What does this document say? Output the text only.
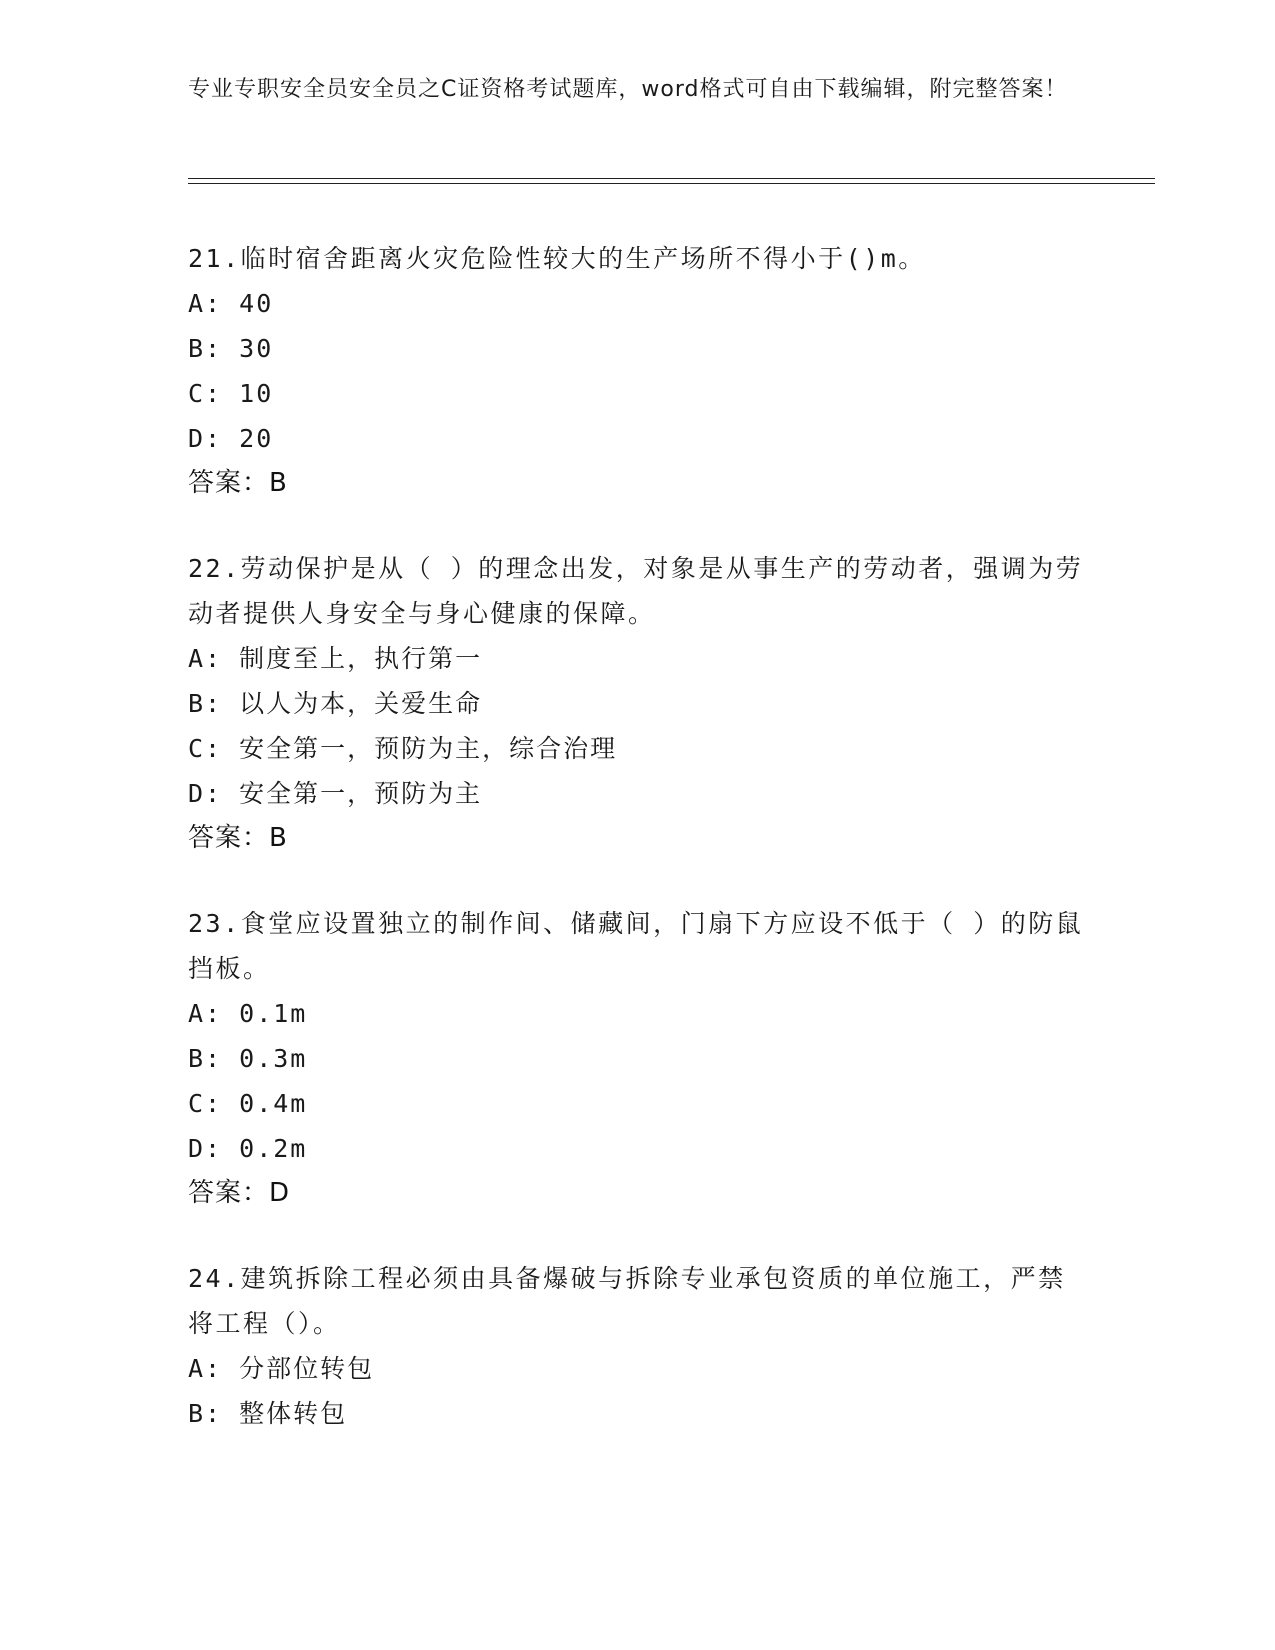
专业专职安全员安全员之C证资格考试题库，word格式可自由下载编辑，附完整答案！
21.临时宿舍距离火灾危险性较大的生产场所不得小于()m。
A: 40
B: 30
C: 10
D: 20
答案：B
22.劳动保护是从（ ）的理念出发，对象是从事生产的劳动者，强调为劳动者提供人身安全与身心健康的保障。
A: 制度至上，执行第一
B: 以人为本，关爱生命
C: 安全第一，预防为主，综合治理
D: 安全第一，预防为主
答案：B
23.食堂应设置独立的制作间、储藏间，门扇下方应设不低于（ ）的防鼠挡板。
A: 0.1m
B: 0.3m
C: 0.4m
D: 0.2m
答案：D
24.建筑拆除工程必须由具备爆破与拆除专业承包资质的单位施工，严禁将工程（）。
A: 分部位转包
B: 整体转包
